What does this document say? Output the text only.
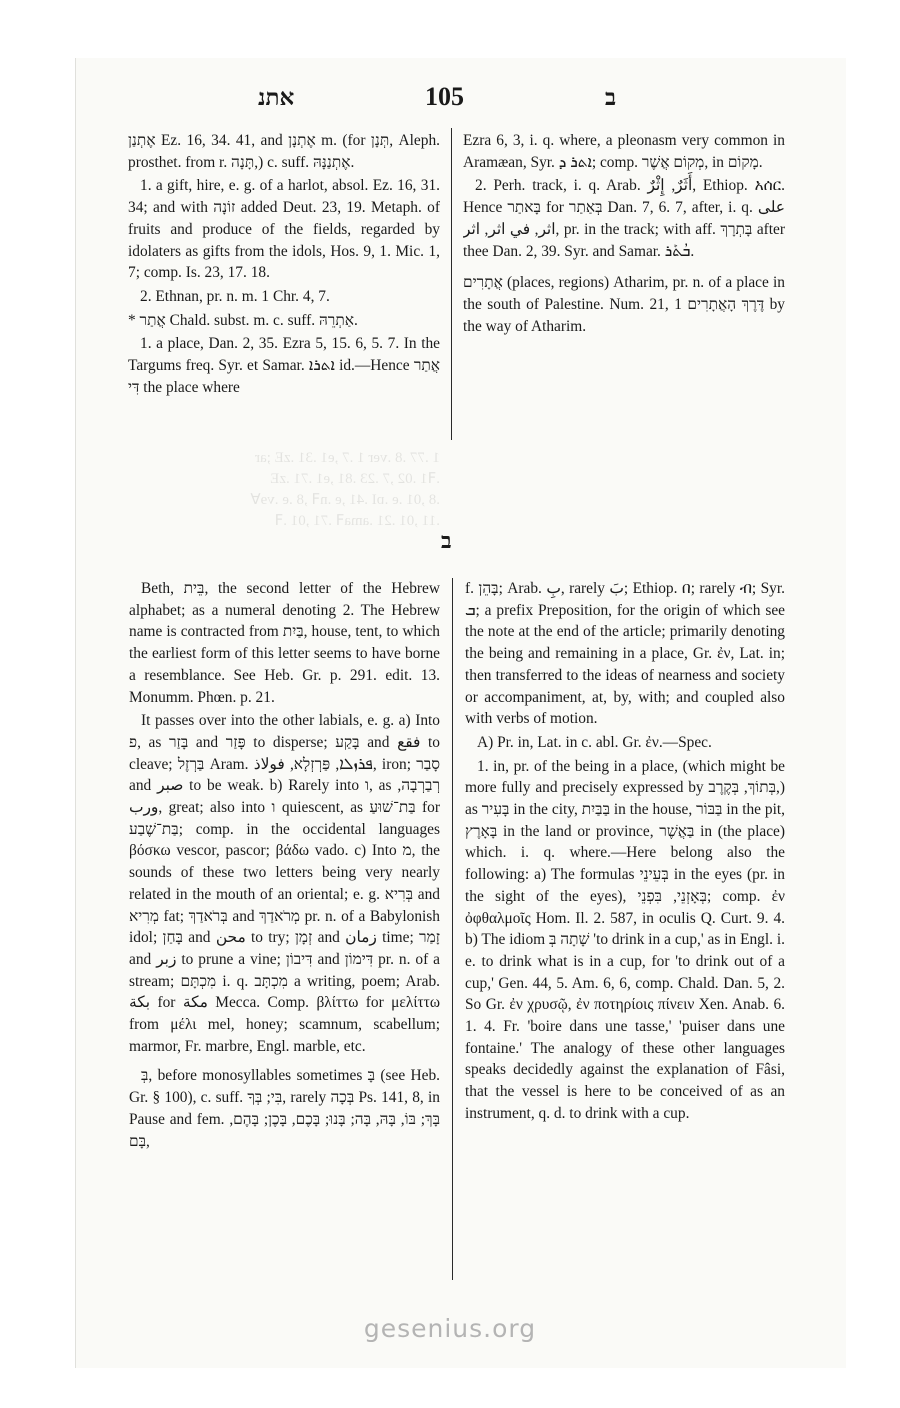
אתנ	105	ב

אֶתְנַן Ez. 16, 34. 41, and אֶתְנָן m. (for תְּנָן, Aleph. prosthet. from r. תָּנָה,) c. suff. אֶתְנַנָּהּ.

1. a gift, hire, e. g. of a harlot, absol. Ez. 16, 31. 34; and with זוֹנָה added Deut. 23, 19. Metaph. of fruits and produce of the fields, regarded by idolaters as gifts from the idols, Hos. 9, 1. Mic. 1, 7; comp. Is. 23, 17. 18.

2. Ethnan, pr. n. m. 1 Chr. 4, 7.

* אֲתַר Chald. subst. m. c. suff. אַתְרֵהּ.

1. a place, Dan. 2, 35. Ezra 5, 15. 6, 5. 7. In the Targums freq. Syr. et Samar. ܐܬܪܐ id.—Hence אֲתַר דִּי the place where

Ezra 6, 3, i. q. where, a pleonasm very common in Aramæan, Syr. ܐܬܪ ܕ; comp. מְקוֹם אֲשֶׁר, in מָקוֹם.

2. Perh. track, i. q. Arab. أَثَرٌ, إِثْرٌ, Ethiop. አሰር. Hence בָּאתַר for בְּאַתַר Dan. 7, 6. 7, after, i. q. على اثر, في اثر, اثر, pr. in the track; with aff. בָּתְרָךְ after thee Dan. 2, 39. Syr. and Samar. ܒܳܬܰܪ.

אֲתָרִים (places, regions) Atharim, pr. n. of a place in the south of Palestine. Num. 21, 1 דֶּרֶךְ הָאֲתָרִים by the way of Atharim.

1 .77 .8 .ver 1 .7 ,e1 .31 .zE ;ar
.ꟻ1 .02 ,7 .23 .81 ,e1 .71 .zE
.8 ,01 .e .ɒI .41 ,e .nꟻ ,8 .e .vɘⱯ
.11 ,01 .21 .amaꟻ .71 ,01 .ꟻ
ב

Beth, בֵּית, the second letter of the Hebrew alphabet; as a numeral denoting 2. The Hebrew name is contracted from בַּיִת, house, tent, to which the earliest form of this letter seems to have borne a resemblance. See Heb. Gr. p. 291. edit. 13. Monumm. Phœn. p. 21.

It passes over into the other labials, e. g. a) Into פ, as בָּזַר and פָּזַר to disperse; בָּקַע and فقع to cleave; בַּרְזֶל Aram. ܦܪܙܠܐ, פַּרְזְלָא, فولاذ, iron; סָבַר and صبر to be weak. b) Rarely into ו, as רְבַרְבָה, ورب, great; also into ו quiescent, as בַּת־שׁוּעַ for בַּת־שֶׁבַע; comp. in the occidental languages βόσκω vescor, pascor; βάδω vado. c) Into מ, the sounds of these two letters being very nearly related in the mouth of an oriental; e. g. בְּרִיא and מְרִיא fat; בְּרֹאדַךְ and מְרֹאדַךְ pr. n. of a Babylonish idol; בָּחַן and محن to try; זְמָן and زمان time; זָמַר and زبر to prune a vine; דִּיבוֹן and דִּימוֹן pr. n. of a stream; מִכְתָּם i. q. מִכְתָּב a writing, poem; Arab. بكة for مكة Mecca. Comp. βλίττω for μελίττω from μέλι mel, honey; scamnum, scabellum; marmor, Fr. marbre, Engl. marble, etc.

בְּ, before monosyllables sometimes בָּ (see Heb. Gr. § 100), c. suff. בִּי; בְּךָ, rarely בְּכָה Ps. 141, 8, in Pause and fem. בָּךְ; בּוֹ, בָּהּ, בָּה; בָּנוּ; בָּכֶם, בָּכֶן; בָּהֶם, בָּם,

f. בָּהֵן; Arab. بِ, rarely بَ; Ethiop. በ; rarely ብ; Syr. ܒ; a prefix Preposition, for the origin of which see the note at the end of the article; primarily denoting the being and remaining in a place, Gr. ἐν, Lat. in; then transferred to the ideas of nearness and society or accompaniment, at, by, with; and coupled also with verbs of motion.

A) Pr. in, Lat. in c. abl. Gr. ἐν.—Spec.

1. in, pr. of the being in a place, (which might be more fully and precisely expressed by בְּתוֹךְ, בְּקֶרֶב,) as בָּעִיר in the city, בַּבַּיִת in the house, בַּבּוֹר in the pit, בָּאָרֶץ in the land or province, בַּאֲשֶׁר in (the place) which. i. q. where.—Here belong also the following: a) The formulas בְּעֵינֵי in the eyes (pr. in the sight of the eyes), בְּאָזְנֵי, בִּפְנֵי; comp. ἐν ὀφθαλμοῖς Hom. Il. 2. 587, in oculis Q. Curt. 9. 4. b) The idiom שָׁתָה בְּ 'to drink in a cup,' as in Engl. i. e. to drink what is in a cup, for 'to drink out of a cup,' Gen. 44, 5. Am. 6, 6, comp. Chald. Dan. 5, 2. So Gr. ἐν χρυσῷ, ἐν ποτηρίοις πίνειν Xen. Anab. 6. 1. 4. Fr. 'boire dans une tasse,' 'puiser dans une fontaine.' The analogy of these other languages speaks decidedly against the explanation of Fâsi, that the vessel is here to be conceived of as an instrument, q. d. to drink with a cup.

gesenius.org
